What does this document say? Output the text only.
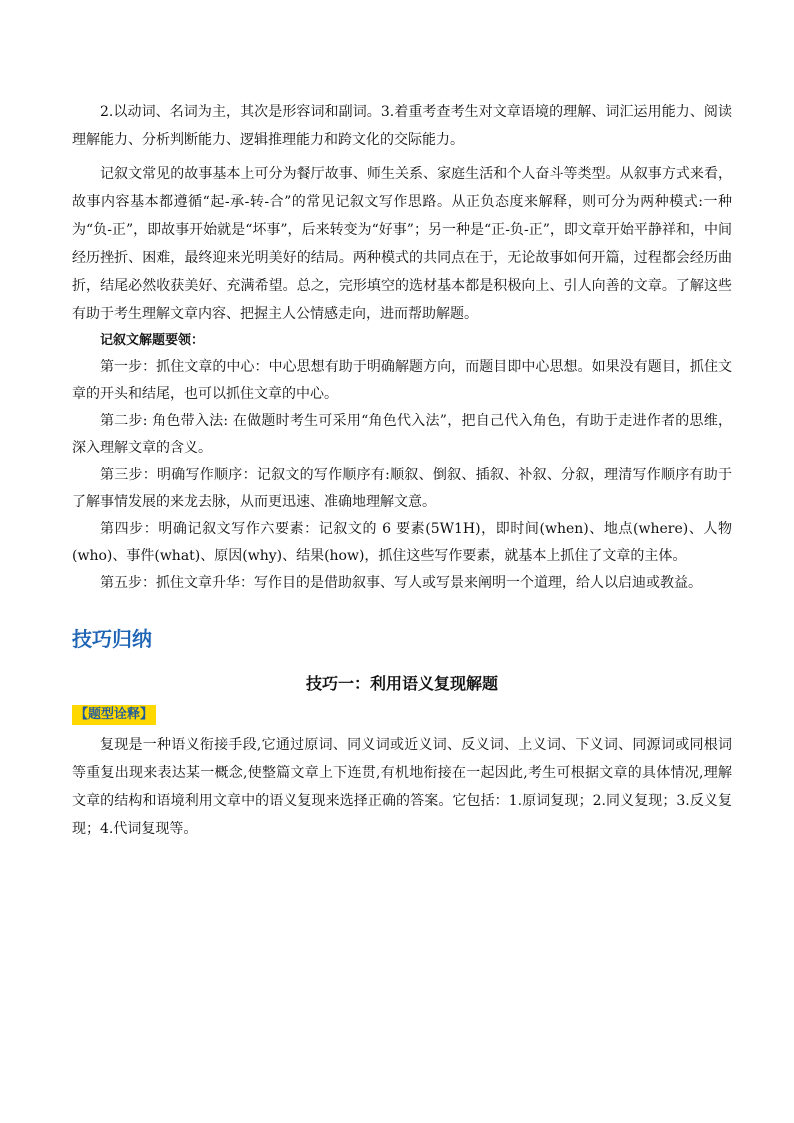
2.以动词、名词为主，其次是形容词和副词。3.着重考查考生对文章语境的理解、词汇运用能力、阅读理解能力、分析判断能力、逻辑推理能力和跨文化的交际能力。

记叙文常见的故事基本上可分为餐厅故事、师生关系、家庭生活和个人奋斗等类型。从叙事方式来看，故事内容基本都遵循“起-承-转-合”的常见记叙文写作思路。从正负态度来解释，则可分为两种模式:一种为“负-正”，即故事开始就是“坏事”，后来转变为“好事”；另一种是“正-负-正”，即文章开始平静祥和，中间经历挫折、困难，最终迎来光明美好的结局。两种模式的共同点在于，无论故事如何开篇，过程都会经历曲折，结尾必然收获美好、充满希望。总之，完形填空的选材基本都是积极向上、引人向善的文章。了解这些有助于考生理解文章内容、把握主人公情感走向，进而帮助解题。

记叙文解题要领：

第一步：抓住文章的中心：中心思想有助于明确解题方向，而题目即中心思想。如果没有题目，抓住文章的开头和结尾，也可以抓住文章的中心。

第二步: 角色带入法: 在做题时考生可采用“角色代入法”，把自己代入角色，有助于走进作者的思维，深入理解文章的含义。

第三步：明确写作顺序：记叙文的写作顺序有:顺叙、倒叙、插叙、补叙、分叙，理清写作顺序有助于了解事情发展的来龙去脉，从而更迅速、准确地理解文意。

第四步：明确记叙文写作六要素：记叙文的 6 要素(5W1H)，即时间(when)、地点(where)、人物(who)、事件(what)、原因(why)、结果(how)，抓住这些写作要素，就基本上抓住了文章的主体。

第五步：抓住文章升华：写作目的是借助叙事、写人或写景来阐明一个道理，给人以启迪或教益。

技巧归纳
技巧一：利用语义复现解题
【题型诠释】

复现是一种语义衔接手段,它通过原词、同义词或近义词、反义词、上义词、下义词、同源词或同根词等重复出现来表达某一概念,使整篇文章上下连贯,有机地衔接在一起因此,考生可根据文章的具体情况,理解文章的结构和语境利用文章中的语义复现来选择正确的答案。它包括：1.原词复现；2.同义复现；3.反义复现；4.代词复现等。
